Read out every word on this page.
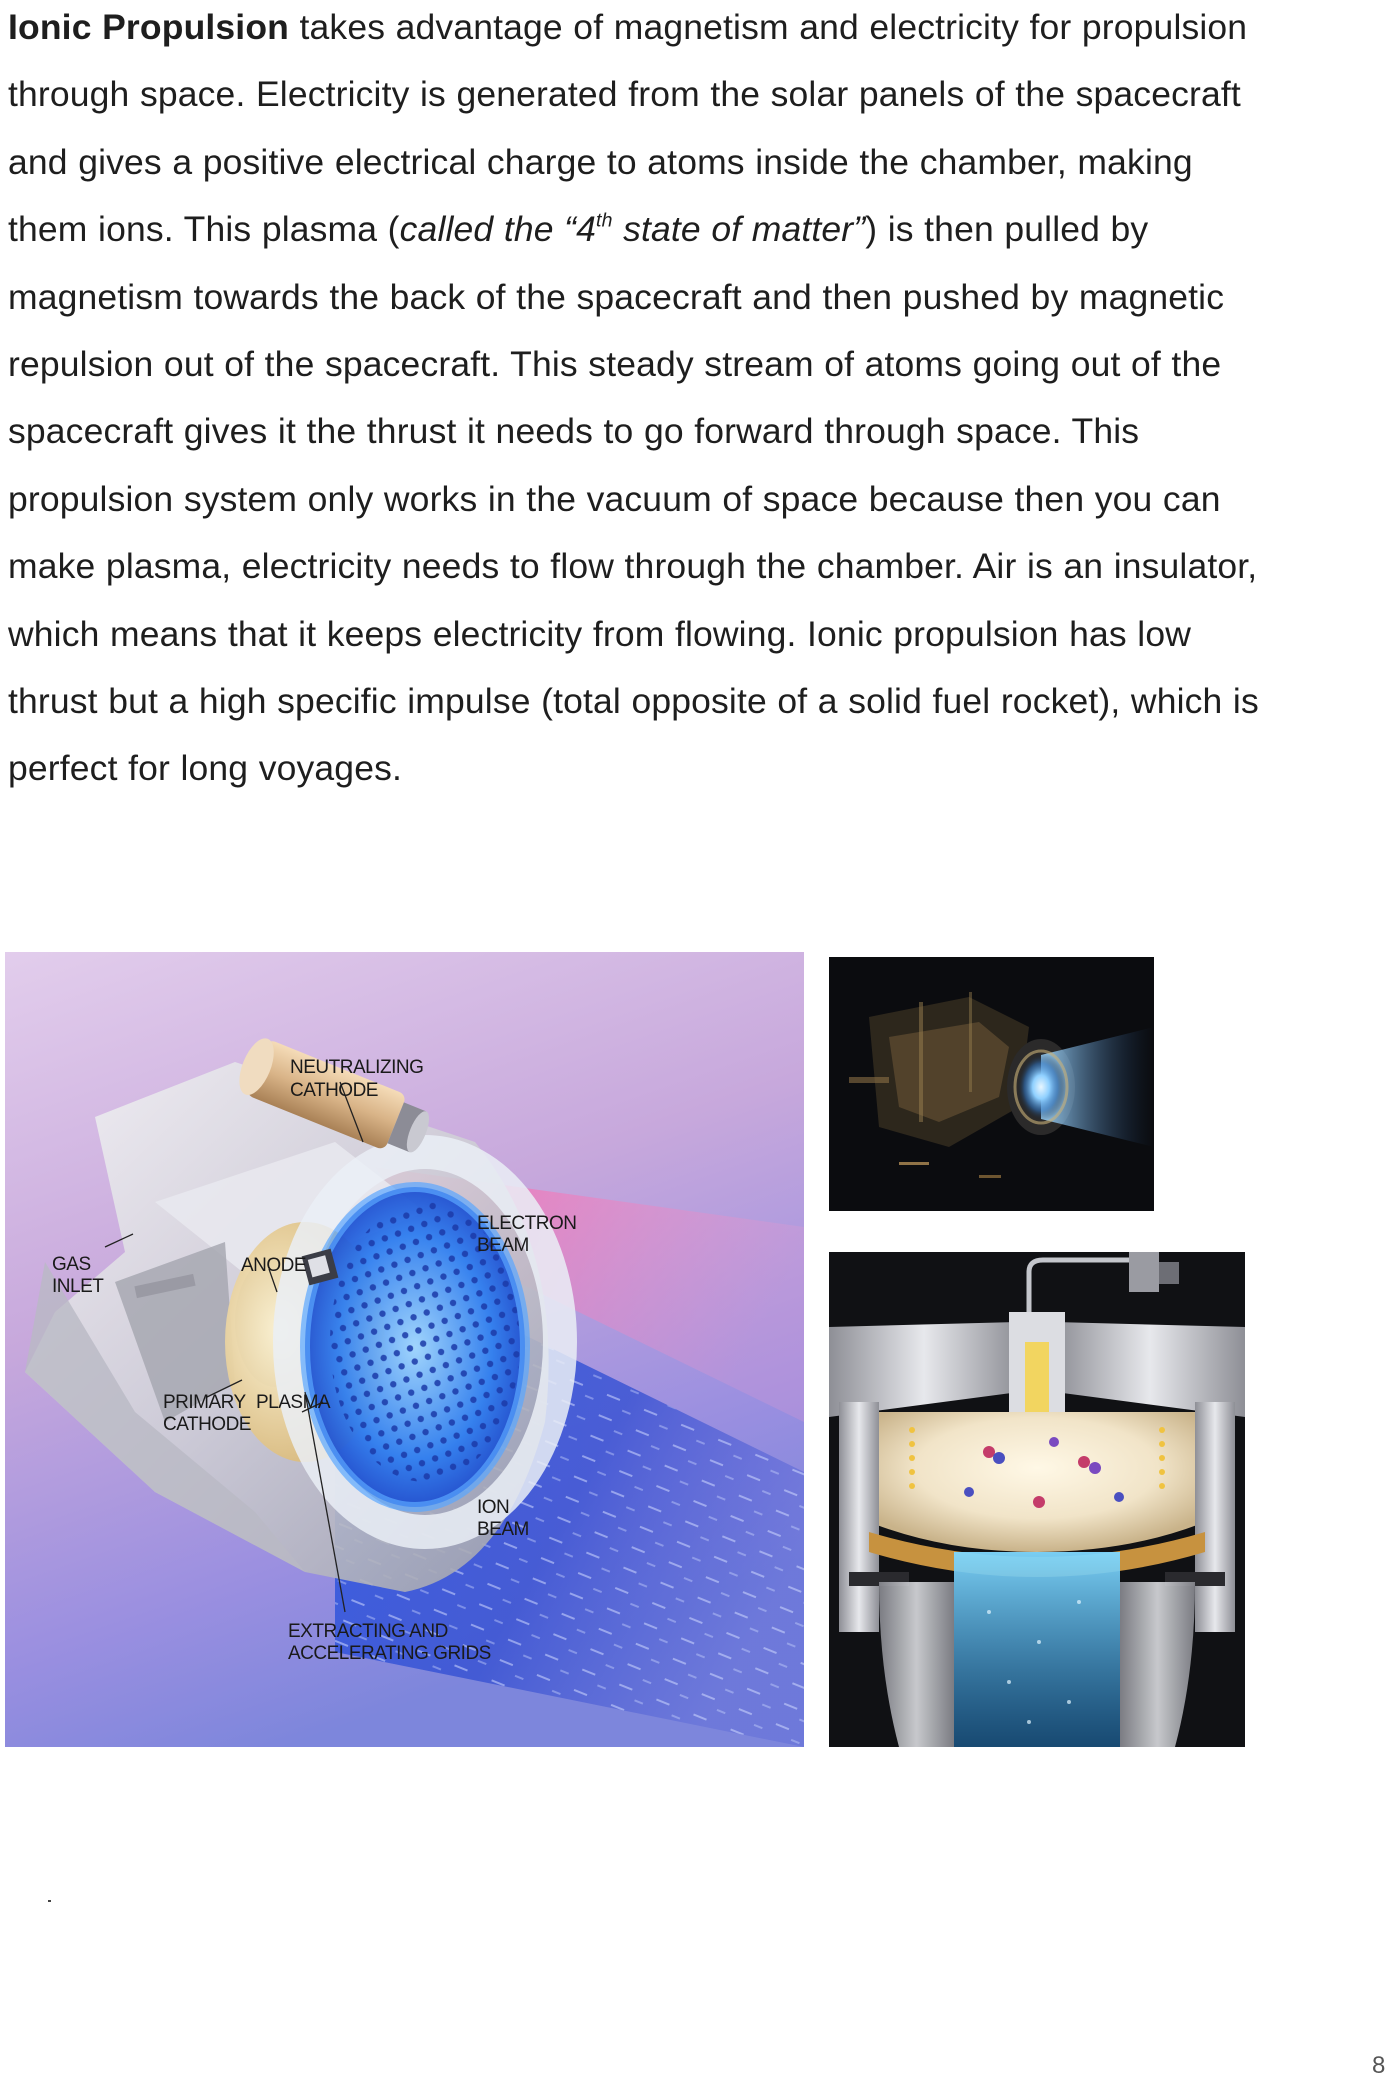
Ionic Propulsion takes advantage of magnetism and electricity for propulsion through space. Electricity is generated from the solar panels of the spacecraft and gives a positive electrical charge to atoms inside the chamber, making them ions. This plasma (called the “4th state of matter”) is then pulled by magnetism towards the back of the spacecraft and then pushed by magnetic repulsion out of the spacecraft. This steady stream of atoms going out of the spacecraft gives it the thrust it needs to go forward through space. This propulsion system only works in the vacuum of space because then you can make plasma, electricity needs to flow through the chamber. Air is an insulator, which means that it keeps electricity from flowing. Ionic propulsion has low thrust but a high specific impulse (total opposite of a solid fuel rocket), which is perfect for long voyages.

NEUTRALIZING
CATHODE
ELECTRON
BEAM
GAS
INLET
ANODE
PRIMARY
CATHODE
PLASMA
ION
BEAM
EXTRACTING AND
ACCELERATING GRIDS
8
